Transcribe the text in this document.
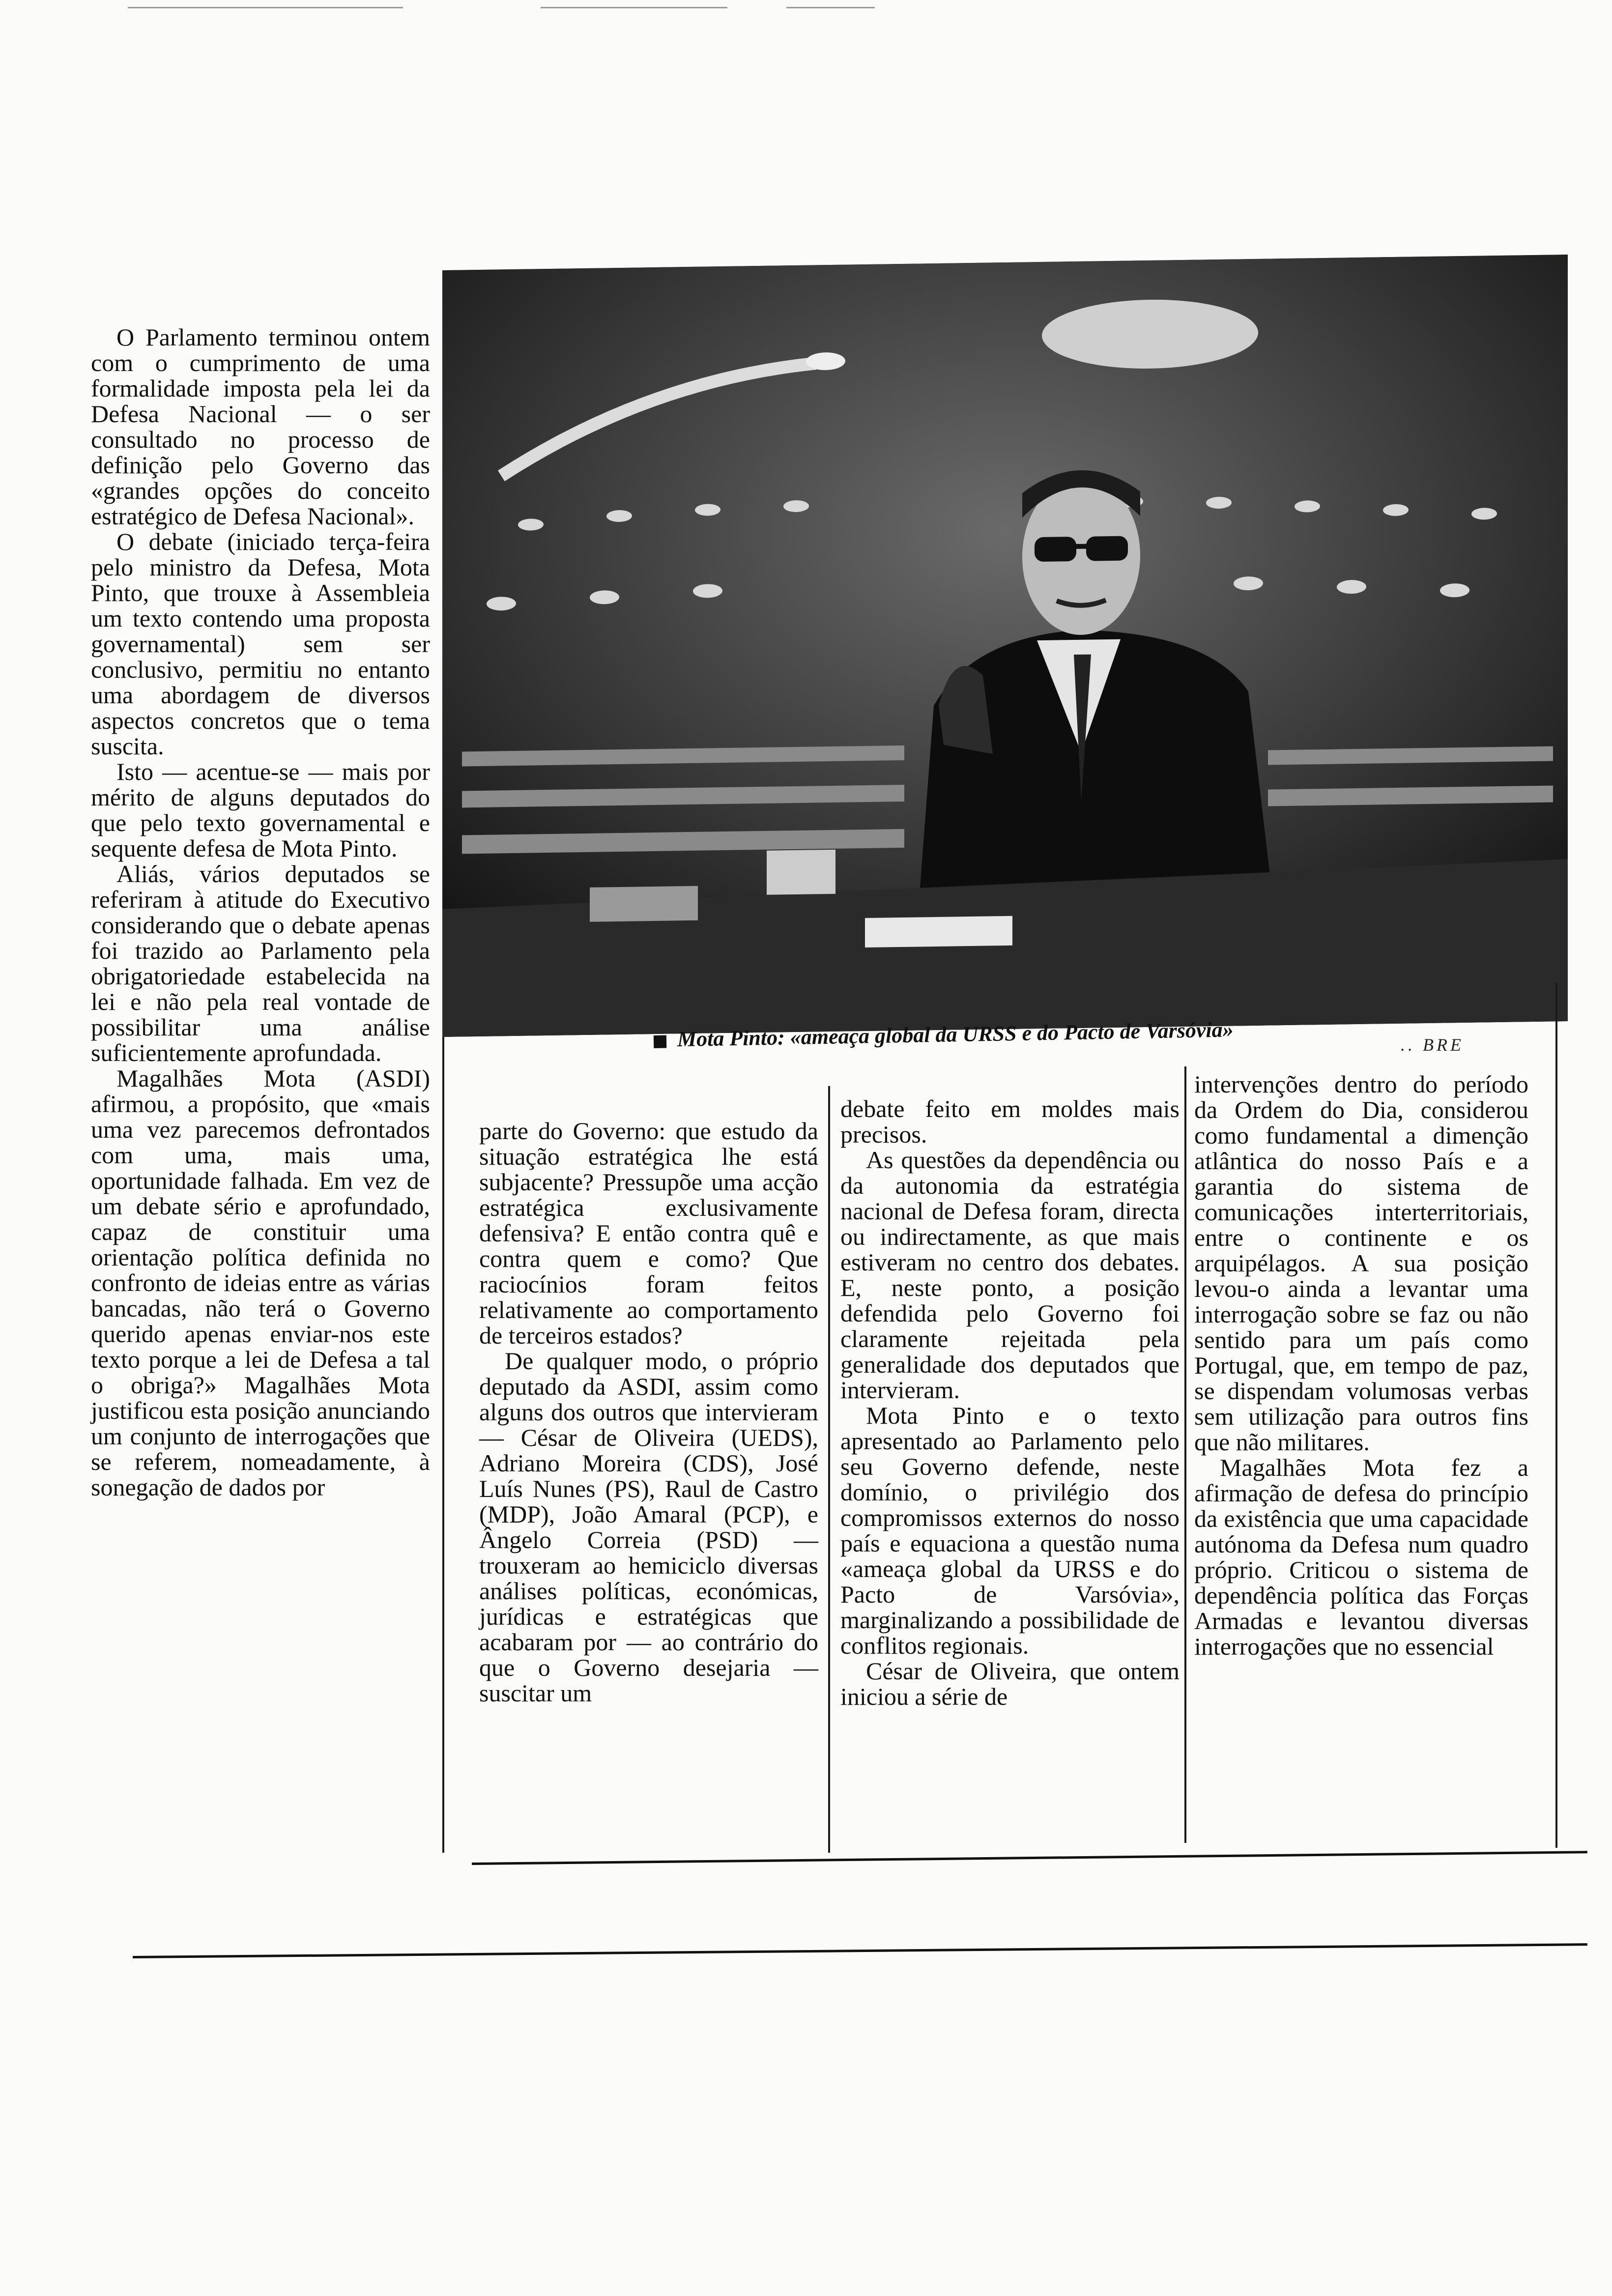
O Parlamento terminou ontem com o cumprimento de uma formalidade imposta pela lei da Defesa Nacional — o ser consultado no processo de definição pelo Governo das «grandes opções do conceito estratégico de Defesa Nacional».

O debate (iniciado terça-feira pelo ministro da Defesa, Mota Pinto, que trouxe à Assembleia um texto contendo uma proposta governamental) sem ser conclusivo, permitiu no entanto uma abordagem de diversos aspectos concretos que o tema suscita.

Isto — acentue-se — mais por mérito de alguns deputados do que pelo texto governamental e sequente defesa de Mota Pinto.

Aliás, vários deputados se referiram à atitude do Executivo considerando que o debate apenas foi trazido ao Parlamento pela obrigatoriedade estabelecida na lei e não pela real vontade de possibilitar uma análise suficientemente aprofundada.

Magalhães Mota (ASDI) afirmou, a propósito, que «mais uma vez parecemos defrontados com uma, mais uma, oportunidade falhada. Em vez de um debate sério e aprofundado, capaz de constituir uma orientação política definida no confronto de ideias entre as várias bancadas, não terá o Governo querido apenas enviar-nos este texto porque a lei de Defesa a tal o obriga?» Magalhães Mota justificou esta posição anunciando um conjunto de interrogações que se referem, nomeadamente, à sonegação de dados por

Mota Pinto: «ameaça global da URSS e do Pacto de Varsóvia»	.. BRE

parte do Governo: que estudo da situação estratégica lhe está subjacente? Pressupõe uma acção estratégica exclusivamente defensiva? E então contra quê e contra quem e como? Que raciocínios foram feitos relativamente ao comportamento de terceiros estados?

De qualquer modo, o próprio deputado da ASDI, assim como alguns dos outros que intervieram — César de Oliveira (UEDS), Adriano Moreira (CDS), José Luís Nunes (PS), Raul de Castro (MDP), João Amaral (PCP), e Ângelo Correia (PSD) — trouxeram ao hemiciclo diversas análises políticas, económicas, jurídicas e estratégicas que acabaram por — ao contrário do que o Governo desejaria — suscitar um

debate feito em moldes mais precisos.

As questões da dependência ou da autonomia da estratégia nacional de Defesa foram, directa ou indirectamente, as que mais estiveram no centro dos debates. E, neste ponto, a posição defendida pelo Governo foi claramente rejeitada pela generalidade dos deputados que intervieram.

Mota Pinto e o texto apresentado ao Parlamento pelo seu Governo defende, neste domínio, o privilégio dos compromissos externos do nosso país e equaciona a questão numa «ameaça global da URSS e do Pacto de Varsóvia», marginalizando a possibilidade de conflitos regionais.

César de Oliveira, que ontem iniciou a série de

intervenções dentro do período da Ordem do Dia, considerou como fundamental a dimenção atlântica do nosso País e a garantia do sistema de comunicações interterritoriais, entre o continente e os arquipélagos. A sua posição levou-o ainda a levantar uma interrogação sobre se faz ou não sentido para um país como Portugal, que, em tempo de paz, se dispendam volumosas verbas sem utilização para outros fins que não militares.

Magalhães Mota fez a afirmação de defesa do princípio da existência que uma capacidade autónoma da Defesa num quadro próprio. Criticou o sistema de dependência política das Forças Armadas e levantou diversas interrogações que no essencial
